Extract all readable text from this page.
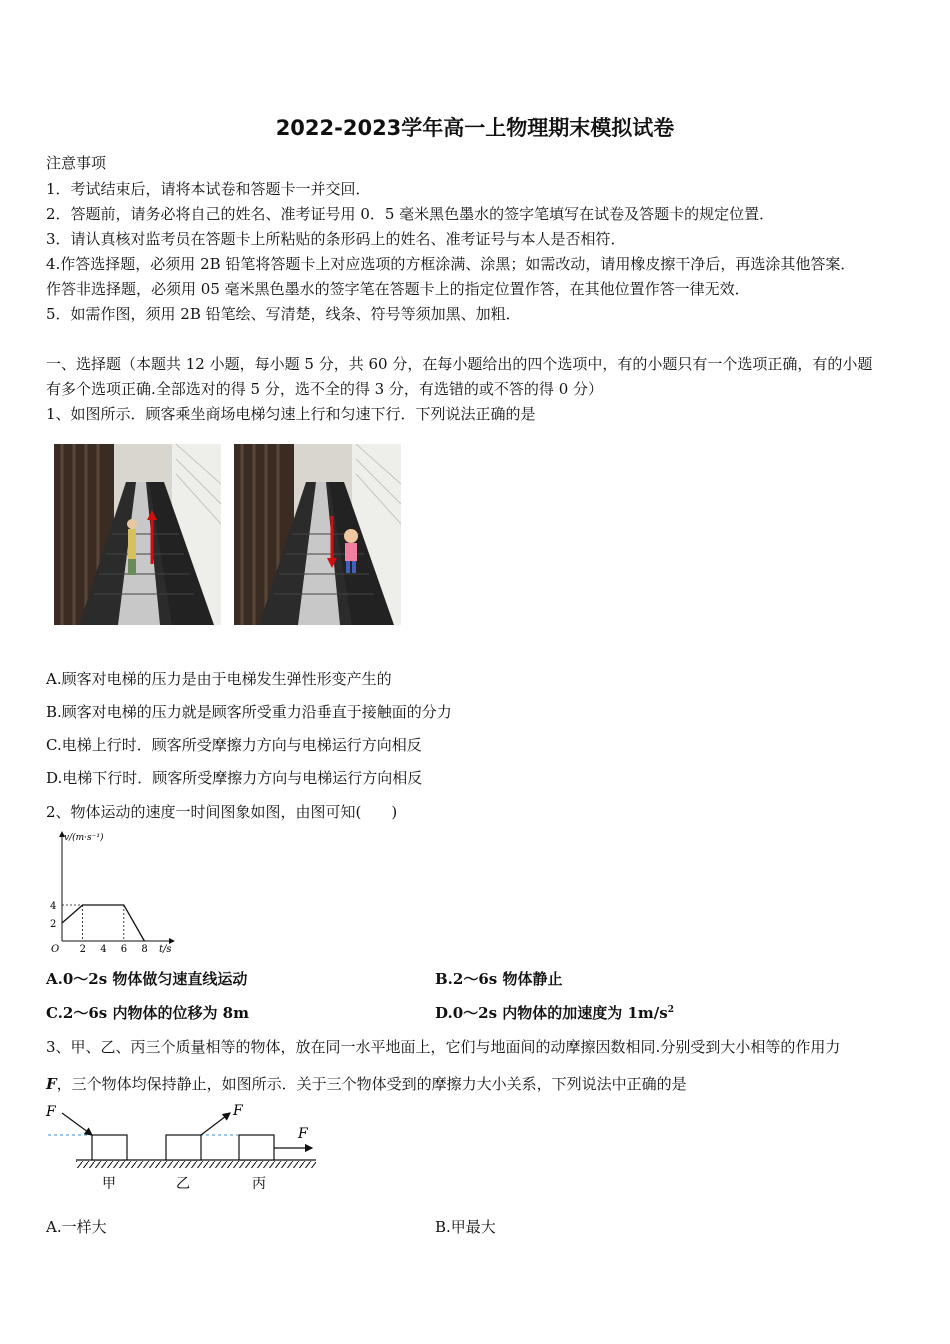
2022-2023学年高一上物理期末模拟试卷
注意事项
1．考试结束后，请将本试卷和答题卡一并交回．
2．答题前，请务必将自己的姓名、准考证号用 0．5 毫米黑色墨水的签字笔填写在试卷及答题卡的规定位置．
3．请认真核对监考员在答题卡上所粘贴的条形码上的姓名、准考证号与本人是否相符．
4.作答选择题，必须用 2B 铅笔将答题卡上对应选项的方框涂满、涂黑；如需改动，请用橡皮擦干净后，再选涂其他答案．
作答非选择题，必须用 05 毫米黑色墨水的签字笔在答题卡上的指定位置作答，在其他位置作答一律无效．
5．如需作图，须用 2B 铅笔绘、写清楚，线条、符号等须加黑、加粗．
一、选择题（本题共 12 小题，每小题 5 分，共 60 分，在每小题给出的四个选项中，有的小题只有一个选项正确，有的小题
有多个选项正确.全部选对的得 5 分，选不全的得 3 分，有选错的或不答的得 0 分）
1、如图所示．顾客乘坐商场电梯匀速上行和匀速下行．下列说法正确的是
A.顾客对电梯的压力是由于电梯发生弹性形变产生的
B.顾客对电梯的压力就是顾客所受重力沿垂直于接触面的分力
C.电梯上行时．顾客所受摩擦力方向与电梯运行方向相反
D.电梯下行时．顾客所受摩擦力方向与电梯运行方向相反
2、物体运动的速度一时间图象如图，由图可知(　　)
2 4 6 8
2
4
v/(m·s⁻¹)
t/s
O
A.0～2s 物体做匀速直线运动	B.2～6s 物体静止
C.2～6s 内物体的位移为 8m	D.0～2s 内物体的加速度为 $1m/s^2$
3、甲、乙、丙三个质量相等的物体，放在同一水平地面上，它们与地面间的动摩擦因数相同.分别受到大小相等的作用力
F，三个物体均保持静止，如图所示．关于三个物体受到的摩擦力大小关系，下列说法中正确的是
F	F
F
甲	乙	丙
A.一样大	B.甲最大
